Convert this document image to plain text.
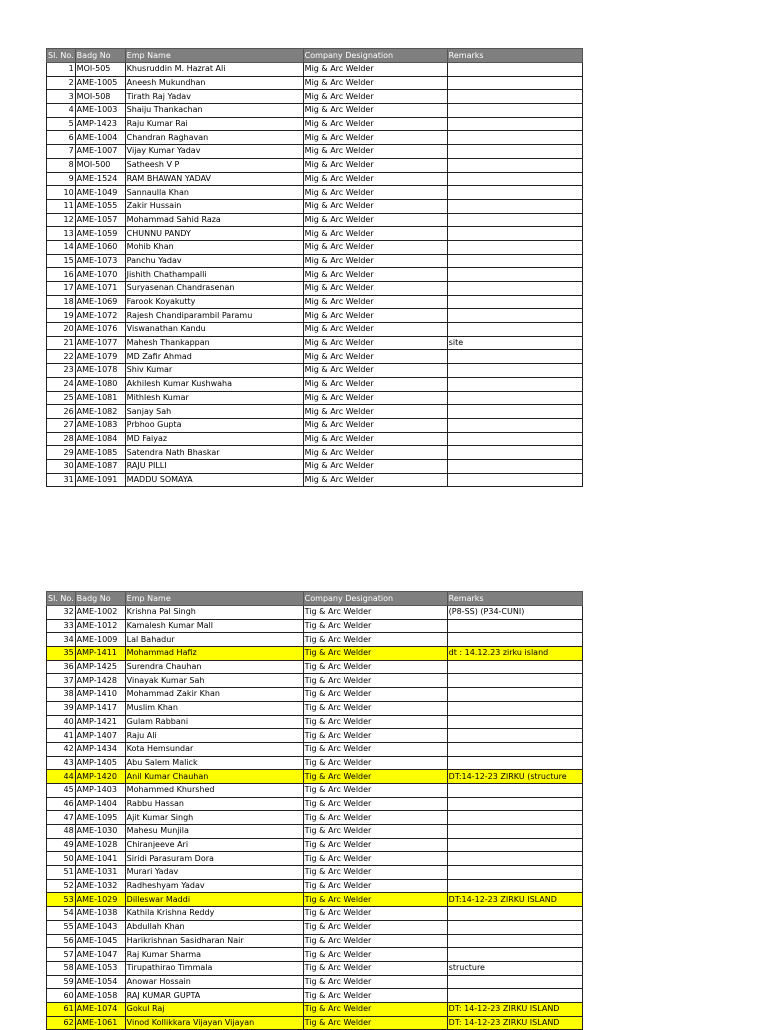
Sl. No.	Badg No	Emp Name	Company Designation	Remarks
1	MOI-505	Khusruddin M. Hazrat Ali	Mig & Arc Welder	
2	AME-1005	Aneesh Mukundhan	Mig & Arc Welder	
3	MOI-508	Tirath Raj Yadav	Mig & Arc Welder	
4	AME-1003	Shaiju Thankachan	Mig & Arc Welder	
5	AMP-1423	Raju Kumar Rai	Mig & Arc Welder	
6	AME-1004	Chandran Raghavan	Mig & Arc Welder	
7	AME-1007	Vijay Kumar Yadav	Mig & Arc Welder	
8	MOI-500	Satheesh V P	Mig & Arc Welder	
9	AME-1524	RAM BHAWAN YADAV	Mig & Arc Welder	
10	AME-1049	Sannaulla Khan	Mig & Arc Welder	
11	AME-1055	Zakir Hussain	Mig & Arc Welder	
12	AME-1057	Mohammad Sahid Raza	Mig & Arc Welder	
13	AME-1059	CHUNNU PANDY	Mig & Arc Welder	
14	AME-1060	Mohib Khan	Mig & Arc Welder	
15	AME-1073	Panchu Yadav	Mig & Arc Welder	
16	AME-1070	Jishith Chathampalli	Mig & Arc Welder	
17	AME-1071	Suryasenan Chandrasenan	Mig & Arc Welder	
18	AME-1069	Farook Koyakutty	Mig & Arc Welder	
19	AME-1072	Rajesh Chandiparambil Paramu	Mig & Arc Welder	
20	AME-1076	Viswanathan Kandu	Mig & Arc Welder	
21	AME-1077	Mahesh Thankappan	Mig & Arc Welder	site
22	AME-1079	MD Zafir Ahmad	Mig & Arc Welder	
23	AME-1078	Shiv Kumar	Mig & Arc Welder	
24	AME-1080	Akhilesh Kumar Kushwaha	Mig & Arc Welder	
25	AME-1081	Mithlesh Kumar	Mig & Arc Welder	
26	AME-1082	Sanjay Sah	Mig & Arc Welder	
27	AME-1083	Prbhoo Gupta	Mig & Arc Welder	
28	AME-1084	MD Faiyaz	Mig & Arc Welder	
29	AME-1085	Satendra Nath Bhaskar	Mig & Arc Welder	
30	AME-1087	RAJU PILLI	Mig & Arc Welder	
31	AME-1091	MADDU SOMAYA	Mig & Arc Welder	
Sl. No.	Badg No	Emp Name	Company Designation	Remarks
32	AME-1002	Krishna Pal Singh	Tig & Arc Welder	(P8-SS) (P34-CUNI)
33	AME-1012	Kamalesh Kumar Mall	Tig & Arc Welder	
34	AME-1009	Lal Bahadur	Tig & Arc Welder	
35	AMP-1411	Mohammad Hafiz	Tig & Arc Welder	dt : 14.12.23 zirku island
36	AMP-1425	Surendra Chauhan	Tig & Arc Welder	
37	AMP-1428	Vinayak Kumar Sah	Tig & Arc Welder	
38	AMP-1410	Mohammad Zakir Khan	Tig & Arc Welder	
39	AMP-1417	Muslim Khan	Tig & Arc Welder	
40	AMP-1421	Gulam Rabbani	Tig & Arc Welder	
41	AMP-1407	Raju Ali	Tig & Arc Welder	
42	AMP-1434	Kota Hemsundar	Tig & Arc Welder	
43	AMP-1405	Abu Salem Malick	Tig & Arc Welder	
44	AMP-1420	Anil Kumar Chauhan	Tig & Arc Welder	DT:14-12-23 ZIRKU (structure
45	AMP-1403	Mohammed Khurshed	Tig & Arc Welder	
46	AMP-1404	Rabbu Hassan	Tig & Arc Welder	
47	AME-1095	Ajit Kumar Singh	Tig & Arc Welder	
48	AME-1030	Mahesu Munjila	Tig & Arc Welder	
49	AME-1028	Chiranjeeve Ari	Tig & Arc Welder	
50	AME-1041	Siridi Parasuram Dora	Tig & Arc Welder	
51	AME-1031	Murari Yadav	Tig & Arc Welder	
52	AME-1032	Radheshyam Yadav	Tig & Arc Welder	
53	AME-1029	Dilleswar Maddi	Tig & Arc Welder	DT:14-12-23 ZIRKU ISLAND
54	AME-1038	Kathila Krishna Reddy	Tig & Arc Welder	
55	AME-1043	Abdullah Khan	Tig & Arc Welder	
56	AME-1045	Harikrishnan Sasidharan Nair	Tig & Arc Welder	
57	AME-1047	Raj Kumar Sharma	Tig & Arc Welder	
58	AME-1053	Tirupathirao Timmala	Tig & Arc Welder	structure
59	AME-1054	Anowar Hossain	Tig & Arc Welder	
60	AME-1058	RAJ KUMAR GUPTA	Tig & Arc Welder	
61	AME-1074	Gokul Raj	Tig & Arc Welder	DT: 14-12-23 ZIRKU ISLAND
62	AME-1061	Vinod Kollikkara Vijayan Vijayan	Tig & Arc Welder	DT: 14-12-23 ZIRKU ISLAND
